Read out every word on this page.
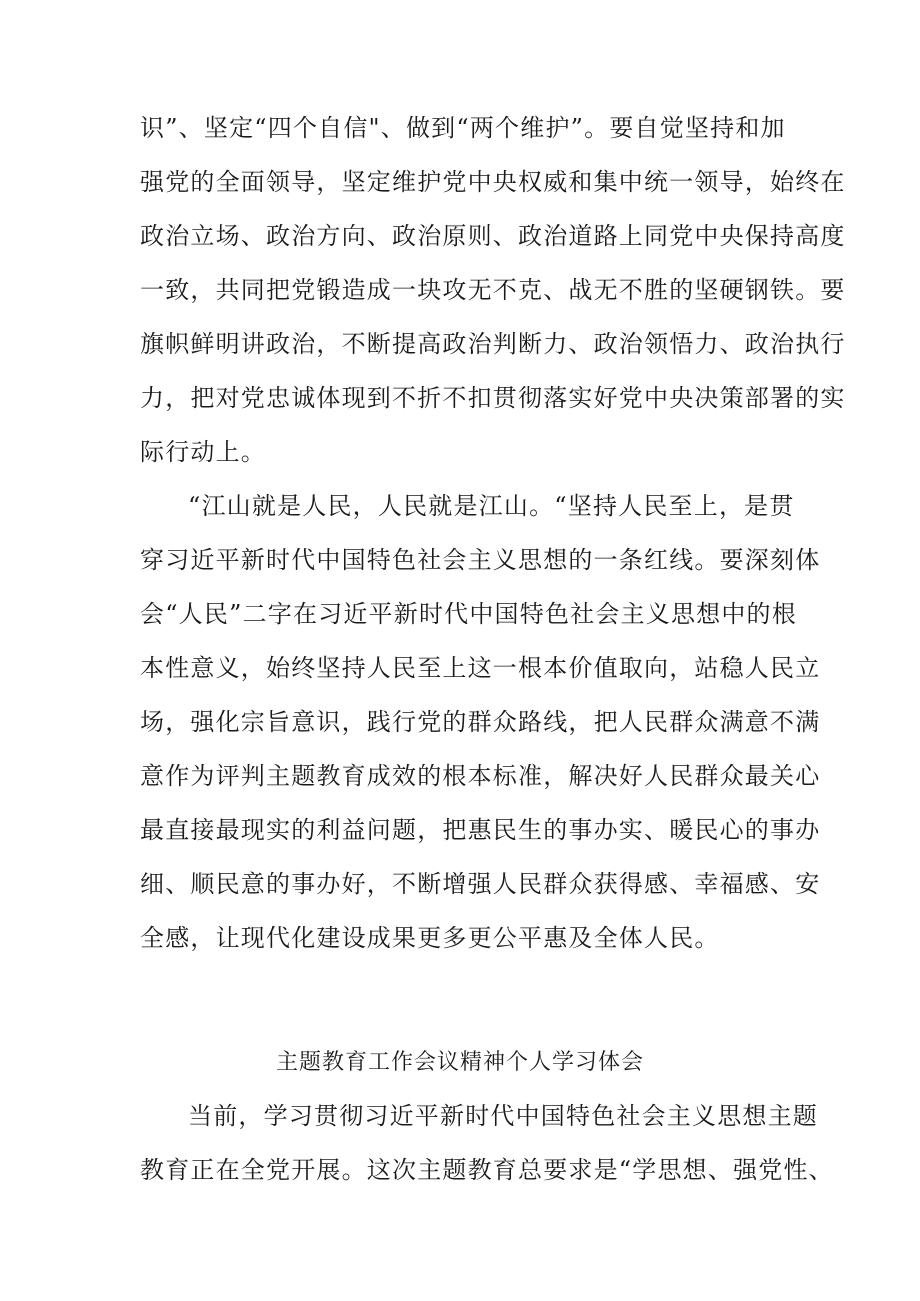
识”、坚定“四个自信"、做到“两个维护”。要自觉坚持和加
强党的全面领导，坚定维护党中央权威和集中统一领导，始终在
政治立场、政治方向、政治原则、政治道路上同党中央保持高度
一致，共同把党锻造成一块攻无不克、战无不胜的坚硬钢铁。要
旗帜鲜明讲政治，不断提高政治判断力、政治领悟力、政治执行
力，把对党忠诚体现到不折不扣贯彻落实好党中央决策部署的实
际行动上。
“江山就是人民，人民就是江山。“坚持人民至上，是贯
穿习近平新时代中国特色社会主义思想的一条红线。要深刻体
会“人民”二字在习近平新时代中国特色社会主义思想中的根
本性意义，始终坚持人民至上这一根本价值取向，站稳人民立
场，强化宗旨意识，践行党的群众路线，把人民群众满意不满
意作为评判主题教育成效的根本标准，解决好人民群众最关心
最直接最现实的利益问题，把惠民生的事办实、暖民心的事办
细、顺民意的事办好，不断增强人民群众获得感、幸福感、安
全感，让现代化建设成果更多更公平惠及全体人民。
主题教育工作会议精神个人学习体会
当前，学习贯彻习近平新时代中国特色社会主义思想主题
教育正在全党开展。这次主题教育总要求是“学思想、强党性、
